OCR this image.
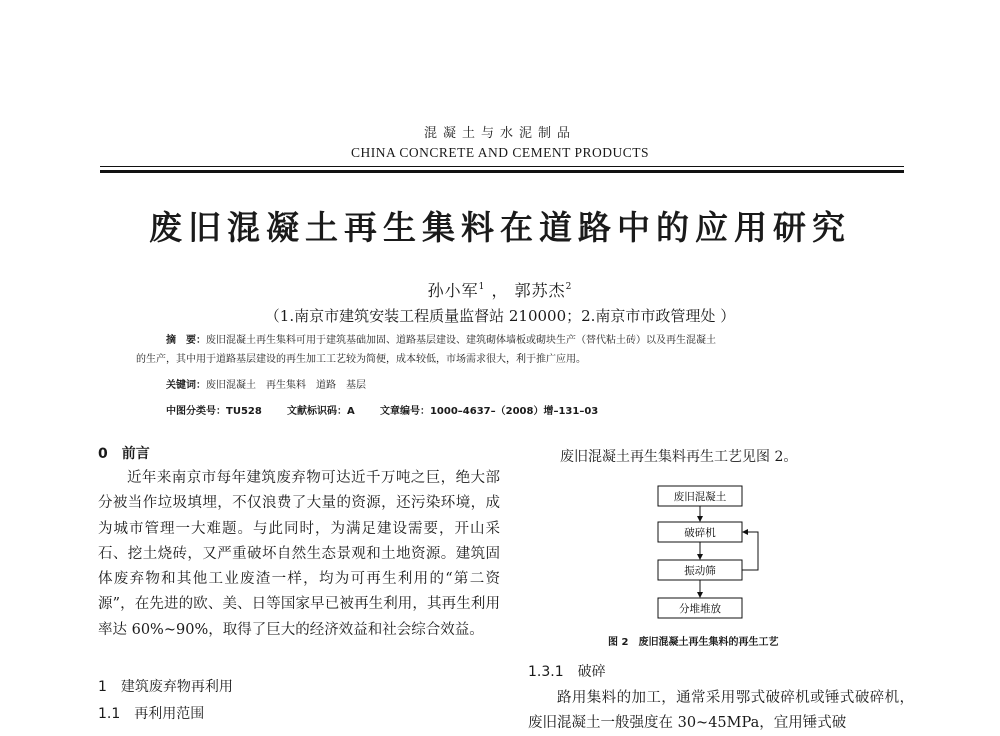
混凝土与水泥制品
CHINA CONCRETE AND CEMENT PRODUCTS
废旧混凝土再生集料在道路中的应用研究
孙小军$^1$ ， 郭苏杰$^2$
（1.南京市建筑安装工程质量监督站 210000；2.南京市市政管理处 ）
摘　要：废旧混凝土再生集料可用于建筑基础加固、道路基层建设、建筑砌体墙板或砌块生产（替代粘土砖）以及再生混凝土
的生产，其中用于道路基层建设的再生加工工艺较为简便，成本较低，市场需求很大，利于推广应用。
关键词：废旧混凝土　再生集料　道路　基层
中图分类号：TU528	文献标识码：A	文章编号：1000–4637–（2008）增–131–03
0　前言
近年来南京市每年建筑废弃物可达近千万吨之巨，绝大部分被当作垃圾填埋，不仅浪费了大量的资源，还污染环境，成为城市管理一大难题。与此同时，为满足建设需要，开山采石、挖土烧砖，又严重破坏自然生态景观和土地资源。建筑固体废弃物和其他工业废渣一样，均为可再生利用的“第二资源”，在先进的欧、美、日等国家早已被再生利用，其再生利用率达 60%~90%，取得了巨大的经济效益和社会综合效益。
1　建筑废弃物再利用
1.1　再利用范围
废旧混凝土再生集料再生工艺见图 2。
废旧混凝土
破碎机
振动筛
分堆堆放
图 2　废旧混凝土再生集料的再生工艺
1.3.1　破碎
路用集料的加工，通常采用鄂式破碎机或锤式破碎机，废旧混凝土一般强度在 30~45MPa，宜用锤式破
